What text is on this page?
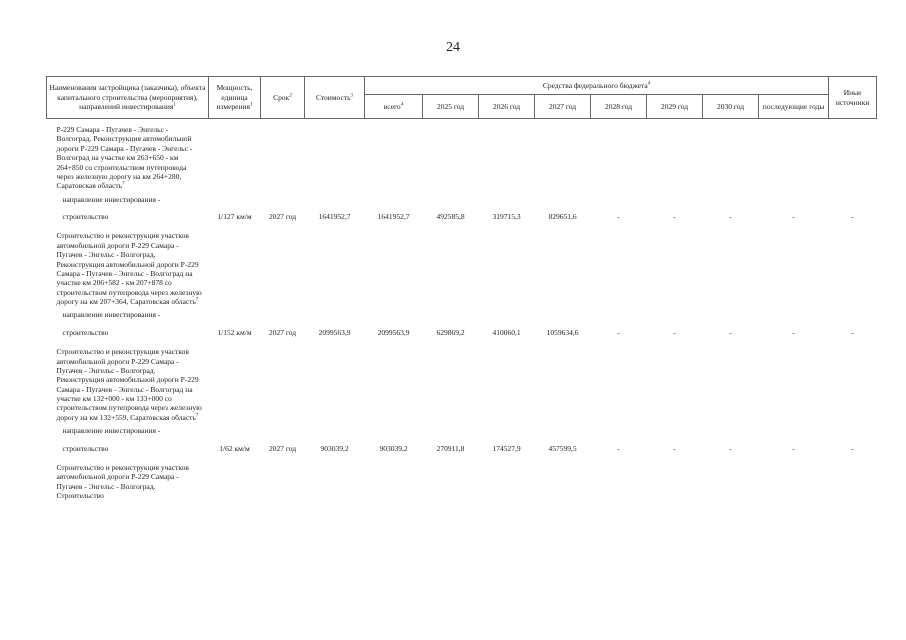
24
Наименования застройщика (заказчика), объекта капитального строительства (мероприятия), направлений инвестирования$^1$	Мощность, единица измерения$^1$	Срок$^2$	Стоимость$^3$	Средства федерального бюджета$^4$								Иные источники
				всего$^4$	2025 год	2026 год	2027 год	2028 год	2029 год	2030 год	последующие годы	
Р-229 Самара - Пугачев - Энгельс - Волгоград. Реконструкция автомобильной дороги Р-229 Самара - Пугачев - Энгельс - Волгоград на участке км 263+650 - км 264+850 со строительством путепровода через железную дорогу на км 264+280, Саратовская область$^7$	
направление инвестирования -												
строительство	1/127 км/м	2027 год	1641952,7	1641952,7	492585,8	319715,3	829651,6	-	-	-	-	-
Строительство и реконструкция участков автомобильной дороги Р-229 Самара - Пугачев - Энгельс - Волгоград. Реконструкция автомобильной дороги Р-229 Самара - Пугачев - Энгельс - Волгоград на участке км 206+582 - км 207+878 со строительством путепровода через железную дорогу на км 207+364, Саратовская область$^7$	
направление инвестирования -												
строительство	1/152 км/м	2027 год	2099563,9	2099563,9	629869,2	410060,1	1059634,6	-	-	-	-	-
Строительство и реконструкция участков автомобильной дороги Р-229 Самара - Пугачев - Энгельс - Волгоград. Реконструкция автомобильной дороги Р-229 Самара - Пугачев - Энгельс - Волгоград на участке км 132+000 - км 133+000 со строительством путепровода через железную дорогу на км 132+559, Саратовская область$^7$	
направление инвестирования -												
строительство	1/62 км/м	2027 год	903039,2	903039,2	270911,8	174527,9	457599,5	-	-	-	-	-
Строительство и реконструкция участков автомобильной дороги Р-229 Самара - Пугачев - Энгельс - Волгоград. Строительство												
